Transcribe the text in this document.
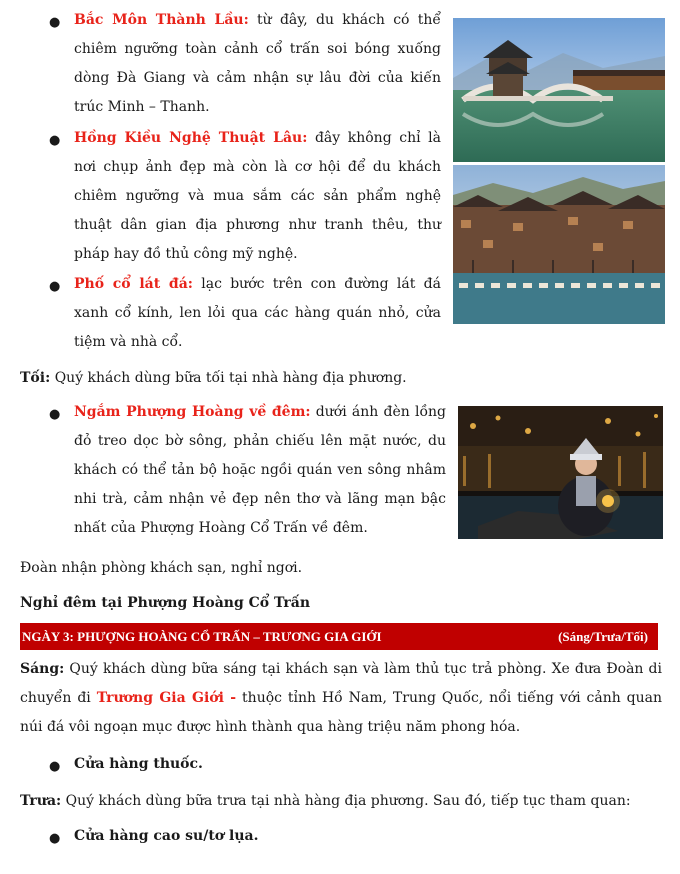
● Bắc Môn Thành Lầu: từ đây, du khách có thể chiêm ngưỡng toàn cảnh cổ trấn soi bóng xuống dòng Đà Giang và cảm nhận sự lâu đời của kiến trúc Minh – Thanh.
● Hồng Kiều Nghệ Thuật Lâu: đây không chỉ là nơi chụp ảnh đẹp mà còn là cơ hội để du khách chiêm ngưỡng và mua sắm các sản phẩm nghệ thuật dân gian địa phương như tranh thêu, thư pháp hay đồ thủ công mỹ nghệ.
● Phố cổ lát đá: lạc bước trên con đường lát đá xanh cổ kính, len lỏi qua các hàng quán nhỏ, cửa tiệm và nhà cổ.
Tối: Quý khách dùng bữa tối tại nhà hàng địa phương.
● Ngắm Phượng Hoàng về đêm: dưới ánh đèn lồng đỏ treo dọc bờ sông, phản chiếu lên mặt nước, du khách có thể tản bộ hoặc ngồi quán ven sông nhâm nhi trà, cảm nhận vẻ đẹp nên thơ và lãng mạn bậc nhất của Phượng Hoàng Cổ Trấn về đêm.
Đoàn nhận phòng khách sạn, nghỉ ngơi.
Nghỉ đêm tại Phượng Hoàng Cổ Trấn
NGÀY 3: PHƯỢNG HOÀNG CỔ TRẤN – TRƯƠNG GIA GIỚI	(Sáng/Trưa/Tối)
Sáng: Quý khách dùng bữa sáng tại khách sạn và làm thủ tục trả phòng. Xe đưa Đoàn di chuyển đi Trương Gia Giới - thuộc tỉnh Hồ Nam, Trung Quốc, nổi tiếng với cảnh quan núi đá vôi ngoạn mục được hình thành qua hàng triệu năm phong hóa.
● Cửa hàng thuốc.
Trưa: Quý khách dùng bữa trưa tại nhà hàng địa phương. Sau đó, tiếp tục tham quan:
● Cửa hàng cao su/tơ lụa.
